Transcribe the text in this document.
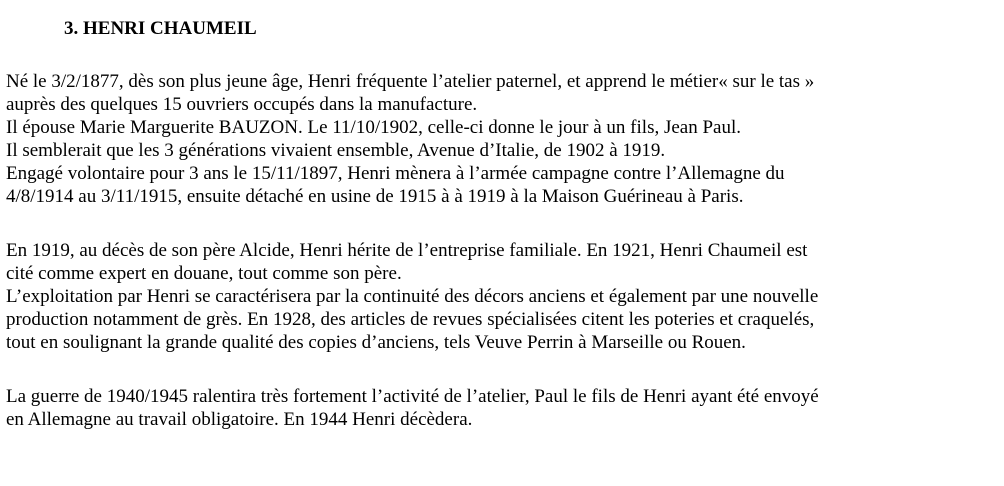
3. HENRI CHAUMEIL
Né le 3/2/1877, dès son plus jeune âge, Henri fréquente l’atelier paternel, et apprend le métier« sur le tas »
auprès des quelques 15 ouvriers occupés dans la manufacture.
Il épouse Marie Marguerite BAUZON. Le 11/10/1902, celle-ci donne le jour à un fils, Jean Paul.
Il semblerait que les 3 générations vivaient ensemble, Avenue d’Italie, de 1902 à 1919.
Engagé volontaire pour 3 ans le 15/11/1897, Henri mènera à l’armée campagne contre l’Allemagne du
4/8/1914 au 3/11/1915, ensuite détaché en usine de 1915 à à 1919 à la Maison Guérineau à Paris.
En 1919, au décès de son père Alcide, Henri hérite de l’entreprise familiale. En 1921, Henri Chaumeil est
cité comme expert en douane, tout comme son père.
L’exploitation par Henri se caractérisera par la continuité des décors anciens et également par une nouvelle
production notamment de grès. En 1928, des articles de revues spécialisées citent les poteries et craquelés,
tout en soulignant la grande qualité des copies d’anciens, tels Veuve Perrin à Marseille ou Rouen.
La guerre de 1940/1945 ralentira très fortement l’activité de l’atelier, Paul le fils de Henri ayant été envoyé
en Allemagne au travail obligatoire. En 1944 Henri décèdera.
